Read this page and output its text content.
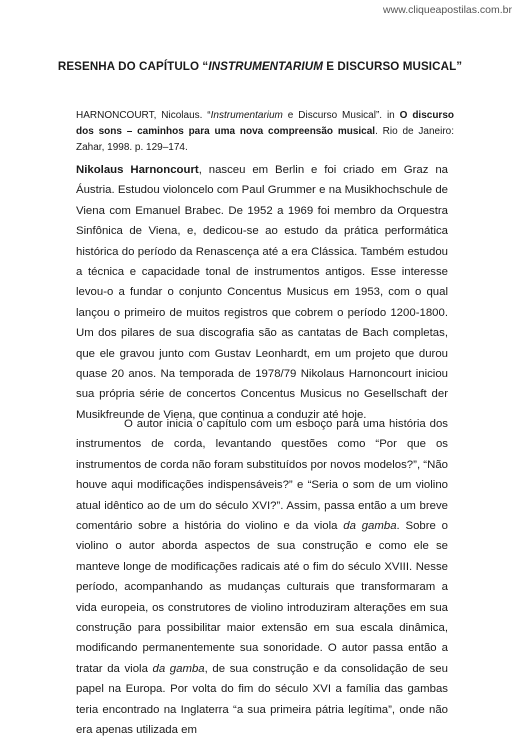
www.cliqueapostilas.com.br
RESENHA DO CAPÍTULO “INSTRUMENTARIUM E DISCURSO MUSICAL”
HARNONCOURT, Nicolaus. “Instrumentarium e Discurso Musical”. in O discurso dos sons – caminhos para uma nova compreensão musical. Rio de Janeiro: Zahar, 1998. p. 129–174.
Nikolaus Harnoncourt, nasceu em Berlin e foi criado em Graz na Áustria. Estudou violoncelo com Paul Grummer e na Musikhochschule de Viena com Emanuel Brabec. De 1952 a 1969 foi membro da Orquestra Sinfônica de Viena, e, dedicou-se ao estudo da prática performática histórica do período da Renascença até a era Clássica. Também estudou a técnica e capacidade tonal de instrumentos antigos. Esse interesse levou-o a fundar o conjunto Concentus Musicus em 1953, com o qual lançou o primeiro de muitos registros que cobrem o período 1200-1800. Um dos pilares de sua discografia são as cantatas de Bach completas, que ele gravou junto com Gustav Leonhardt, em um projeto que durou quase 20 anos. Na temporada de 1978/79 Nikolaus Harnoncourt iniciou sua própria série de concertos Concentus Musicus no Gesellschaft der Musikfreunde de Viena, que continua a conduzir até hoje.
O autor inicia o capítulo com um esboço para uma história dos instrumentos de corda, levantando questões como “Por que os instrumentos de corda não foram substituídos por novos modelos?”, “Não houve aqui modificações indispensáveis?” e “Seria o som de um violino atual idêntico ao de um do século XVI?”. Assim, passa então a um breve comentário sobre a história do violino e da viola da gamba. Sobre o violino o autor aborda aspectos de sua construção e como ele se manteve longe de modificações radicais até o fim do século XVIII. Nesse período, acompanhando as mudanças culturais que transformaram a vida europeia, os construtores de violino introduziram alterações em sua construção para possibilitar maior extensão em sua escala dinâmica, modificando permanentemente sua sonoridade. O autor passa então a tratar da viola da gamba, de sua construção e da consolidação de seu papel na Europa. Por volta do fim do século XVI a família das gambas teria encontrado na Inglaterra “a sua primeira pátria legítima”, onde não era apenas utilizada em
